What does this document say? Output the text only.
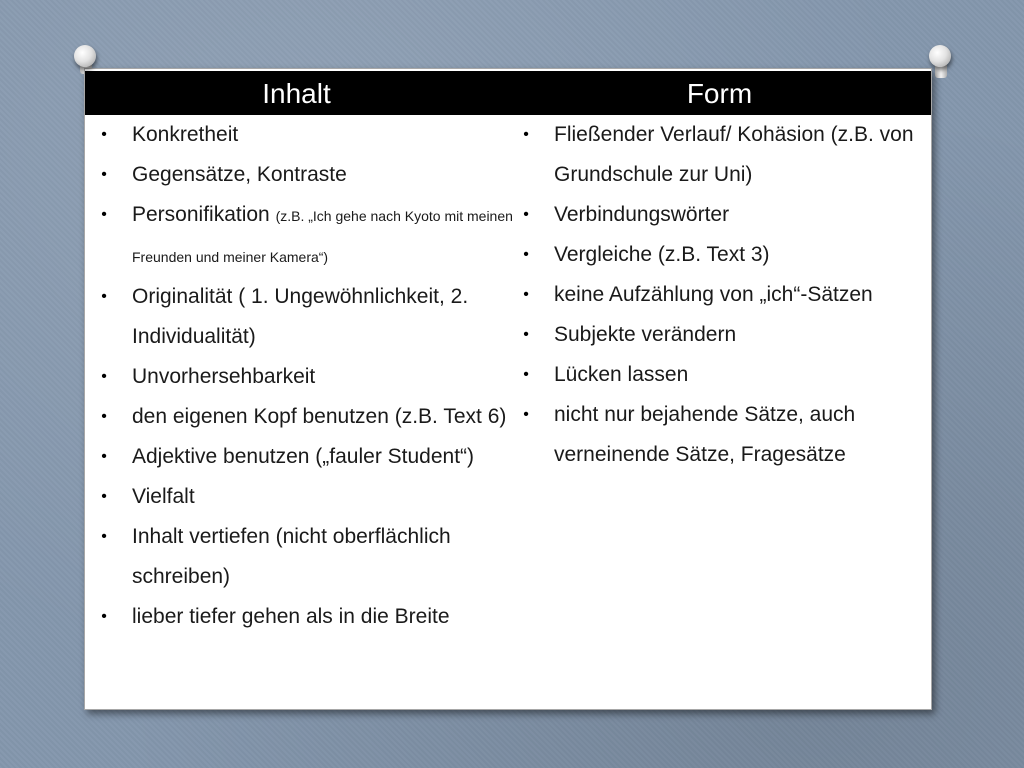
Inhalt	Form
• Konkretheit
• Gegensätze, Kontraste
• Personifikation (z.B. „Ich gehe nach Kyoto mit meinen Freunden und meiner Kamera“)
• Originalität ( 1. Ungewöhnlichkeit, 2. Individualität)
• Unvorhersehbarkeit
• den eigenen Kopf benutzen (z.B. Text 6)
• Adjektive benutzen („fauler Student“)
• Vielfalt
• Inhalt vertiefen (nicht oberflächlich schreiben)
• lieber tiefer gehen als in die Breite
• Fließender Verlauf/ Kohäsion (z.B. von Grundschule zur Uni)
• Verbindungswörter
• Vergleiche (z.B. Text 3)
• keine Aufzählung von „ich“-Sätzen
• Subjekte verändern
• Lücken lassen
• nicht nur bejahende Sätze, auch verneinende Sätze, Fragesätze
